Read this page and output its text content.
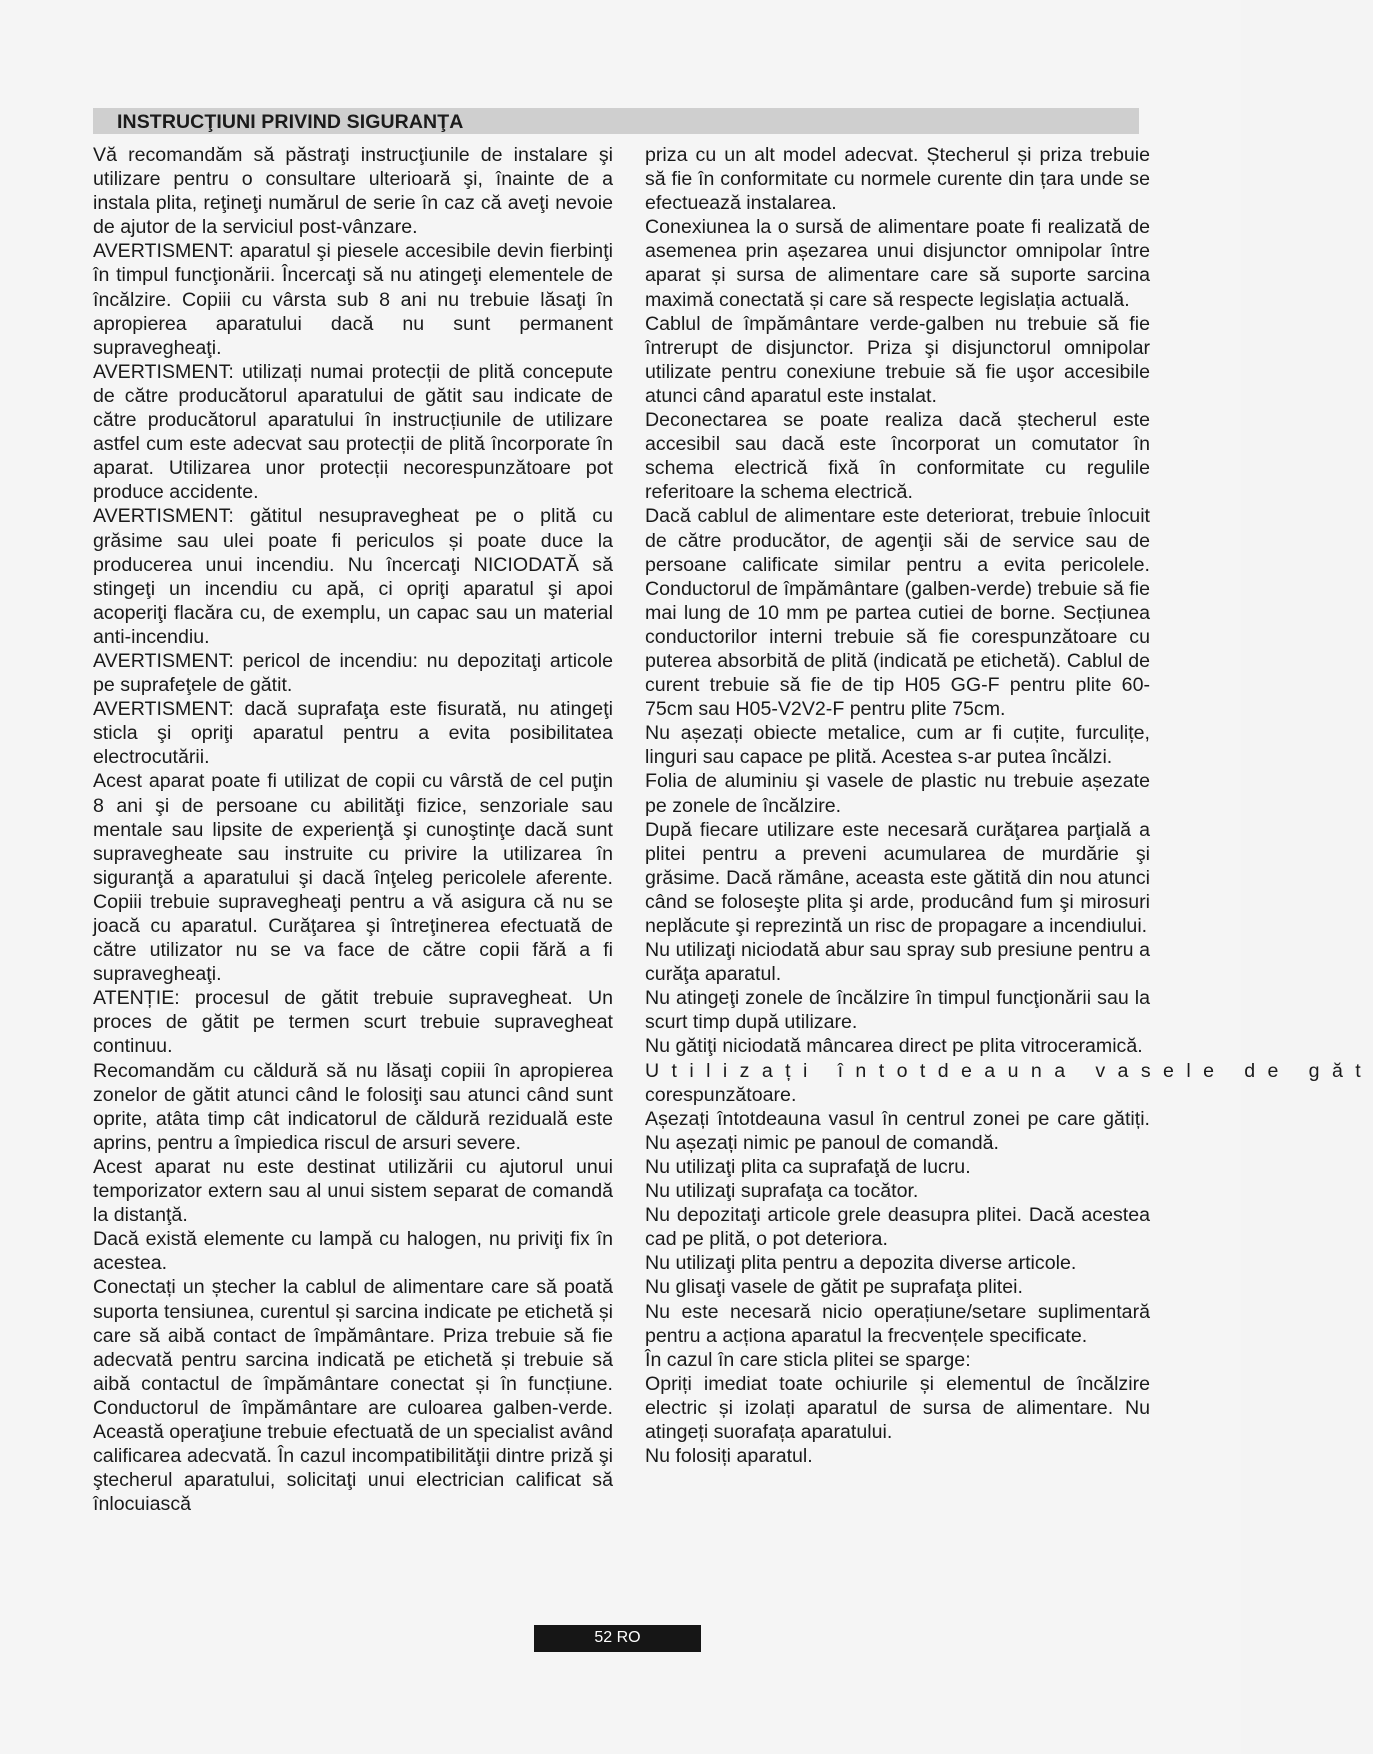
INSTRUCŢIUNI PRIVIND SIGURANŢA

Vă recomandăm să păstraţi instrucţiunile de instalare şi utilizare pentru o consultare ulterioară şi, înainte de a instala plita, reţineţi numărul de serie în caz că aveţi nevoie de ajutor de la serviciul post-vânzare.

AVERTISMENT: aparatul şi piesele accesibile devin fierbinţi în timpul funcţionării. Încercaţi să nu atingeţi elementele de încălzire. Copiii cu vârsta sub 8 ani nu trebuie lăsaţi în apropierea aparatului dacă nu sunt permanent supravegheaţi.

AVERTISMENT: utilizați numai protecții de plită concepute de către producătorul aparatului de gătit sau indicate de către producătorul aparatului în instrucțiunile de utilizare astfel cum este adecvat sau protecții de plită încorporate în aparat. Utilizarea unor protecții necorespunzătoare pot produce accidente.

AVERTISMENT: gătitul nesupravegheat pe o plită cu grăsime sau ulei poate fi periculos și poate duce la producerea unui incendiu. Nu încercaţi NICIODATĂ să stingeţi un incendiu cu apă, ci opriţi aparatul şi apoi acoperiţi flacăra cu, de exemplu, un capac sau un material anti-incendiu.

AVERTISMENT: pericol de incendiu: nu depozitaţi articole pe suprafeţele de gătit.

AVERTISMENT: dacă suprafaţa este fisurată, nu atingeţi sticla şi opriţi aparatul pentru a evita posibilitatea electrocutării.

Acest aparat poate fi utilizat de copii cu vârstă de cel puţin 8 ani şi de persoane cu abilităţi fizice, senzoriale sau mentale sau lipsite de experienţă şi cunoştinţe dacă sunt supravegheate sau instruite cu privire la utilizarea în siguranţă a aparatului şi dacă înţeleg pericolele aferente. Copiii trebuie supravegheaţi pentru a vă asigura că nu se joacă cu aparatul. Curăţarea şi întreţinerea efectuată de către utilizator nu se va face de către copii fără a fi supravegheaţi.

ATENȚIE: procesul de gătit trebuie supravegheat. Un proces de gătit pe termen scurt trebuie supravegheat continuu.

Recomandăm cu căldură să nu lăsaţi copiii în apropierea zonelor de gătit atunci când le folosiţi sau atunci când sunt oprite, atâta timp cât indicatorul de căldură reziduală este aprins, pentru a împiedica riscul de arsuri severe.

Acest aparat nu este destinat utilizării cu ajutorul unui temporizator extern sau al unui sistem separat de comandă la distanţă.

Dacă există elemente cu lampă cu halogen, nu priviţi fix în acestea.

Conectați un ștecher la cablul de alimentare care să poată suporta tensiunea, curentul și sarcina indicate pe etichetă și care să aibă contact de împământare. Priza trebuie să fie adecvată pentru sarcina indicată pe etichetă și trebuie să aibă contactul de împământare conectat și în funcțiune. Conductorul de împământare are culoarea galben-verde. Această operaţiune trebuie efectuată de un specialist având calificarea adecvată. În cazul incompatibilităţii dintre priză şi ştecherul aparatului, solicitaţi unui electrician calificat să înlocuiască

priza cu un alt model adecvat. Ștecherul și priza trebuie să fie în conformitate cu normele curente din țara unde se efectuează instalarea.

Conexiunea la o sursă de alimentare poate fi realizată de asemenea prin așezarea unui disjunctor omnipolar între aparat și sursa de alimentare care să suporte sarcina maximă conectată și care să respecte legislația actuală.

Cablul de împământare verde-galben nu trebuie să fie întrerupt de disjunctor. Priza şi disjunctorul omnipolar utilizate pentru conexiune trebuie să fie uşor accesibile atunci când aparatul este instalat.

Deconectarea se poate realiza dacă ștecherul este accesibil sau dacă este încorporat un comutator în schema electrică fixă în conformitate cu regulile referitoare la schema electrică.

Dacă cablul de alimentare este deteriorat, trebuie înlocuit de către producător, de agenţii săi de service sau de persoane calificate similar pentru a evita pericolele. Conductorul de împământare (galben-verde) trebuie să fie mai lung de 10 mm pe partea cutiei de borne. Secțiunea conductorilor interni trebuie să fie corespunzătoare cu puterea absorbită de plită (indicată pe etichetă). Cablul de curent trebuie să fie de tip H05 GG-F pentru plite 60-75cm sau H05-V2V2-F pentru plite 75cm.

Nu așezați obiecte metalice, cum ar fi cuțite, furculițe, linguri sau capace pe plită. Acestea s-ar putea încălzi.

Folia de aluminiu şi vasele de plastic nu trebuie așezate pe zonele de încălzire.

După fiecare utilizare este necesară curăţarea parţială a plitei pentru a preveni acumularea de murdărie şi grăsime. Dacă rămâne, aceasta este gătită din nou atunci când se foloseşte plita şi arde, producând fum şi mirosuri neplăcute şi reprezintă un risc de propagare a incendiului.

Nu utilizaţi niciodată abur sau spray sub presiune pentru a curăţa aparatul.

Nu atingeţi zonele de încălzire în timpul funcţionării sau la scurt timp după utilizare.

Nu gătiţi niciodată mâncarea direct pe plita vitroceramică.

Utilizați întotdeauna vasele de găt

corespunzătoare.

Așezați întotdeauna vasul în centrul zonei pe care gătiți. Nu așezați nimic pe panoul de comandă.

Nu utilizaţi plita ca suprafaţă de lucru.

Nu utilizaţi suprafaţa ca tocător.

Nu depozitaţi articole grele deasupra plitei. Dacă acestea cad pe plită, o pot deteriora.

Nu utilizaţi plita pentru a depozita diverse articole.

Nu glisaţi vasele de gătit pe suprafaţa plitei.

Nu este necesară nicio operațiune/setare suplimentară pentru a acționa aparatul la frecvențele specificate.

În cazul în care sticla plitei se sparge:

Opriți imediat toate ochiurile și elementul de încălzire electric și izolați aparatul de sursa de alimentare. Nu atingeți suorafața aparatului.

Nu folosiți aparatul.

52 RO
